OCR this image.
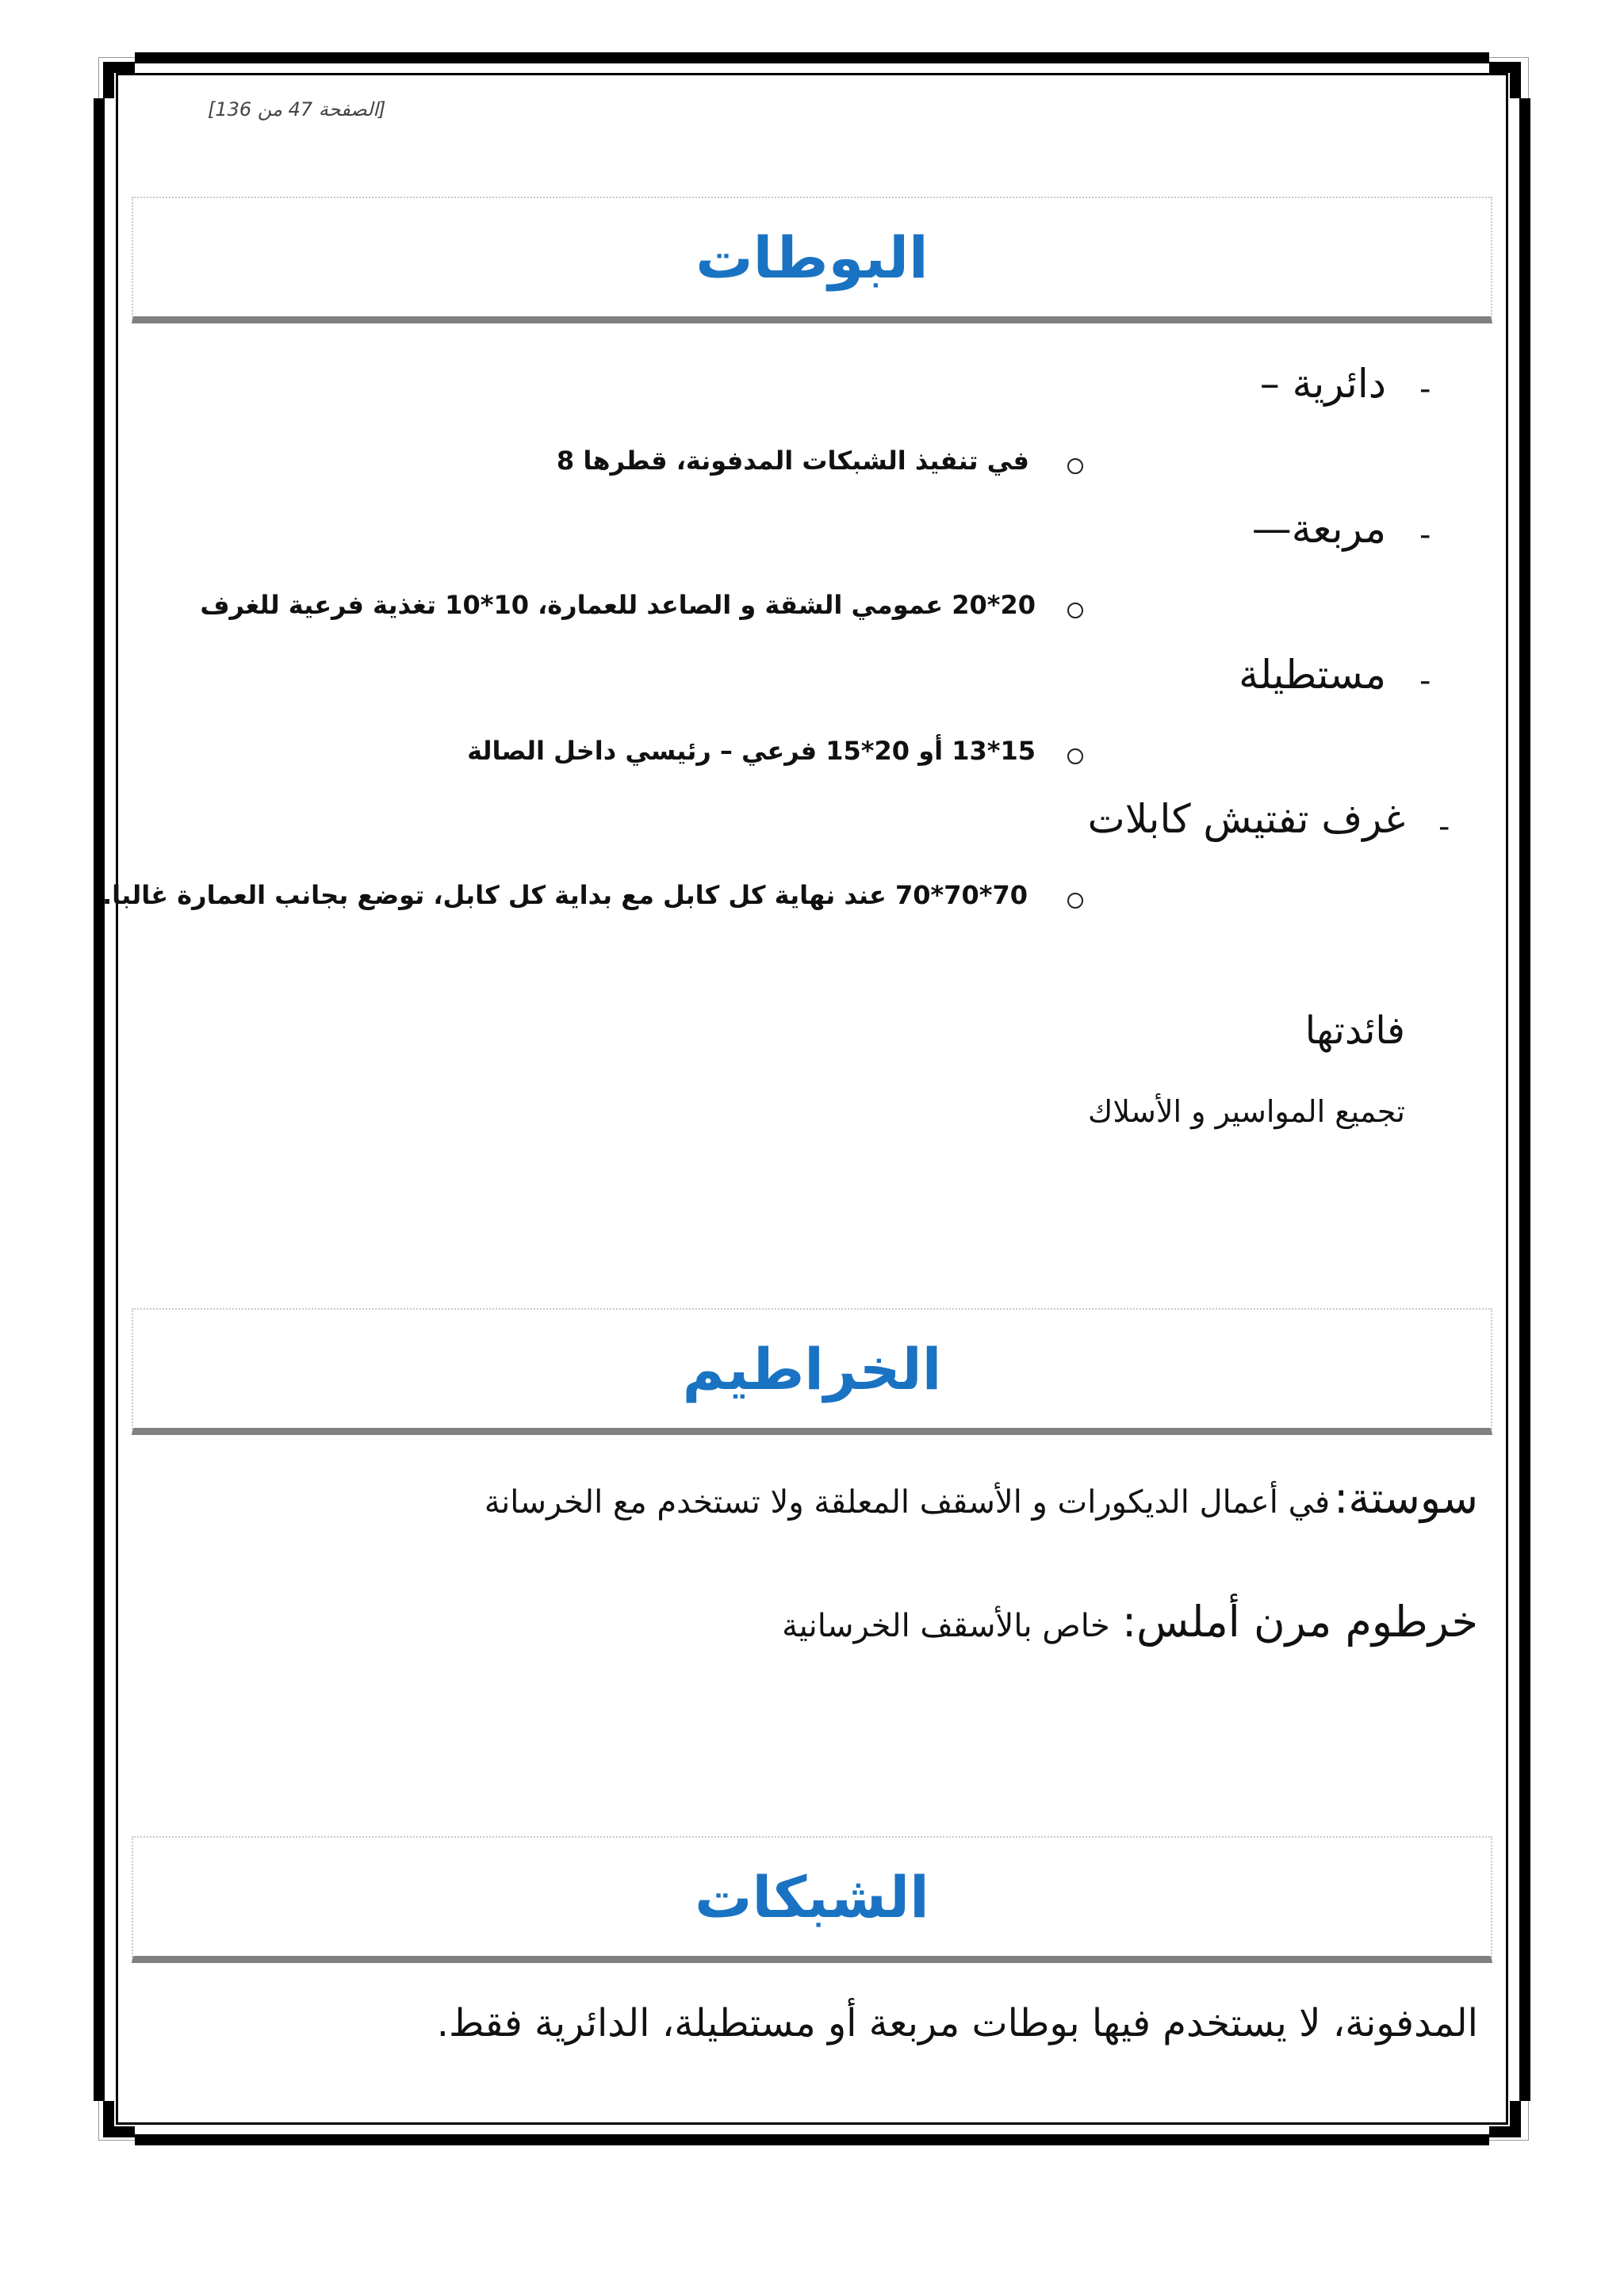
[الصفحة 47 من 136]
البوطات
دائرية – -
في تنفيذ الشبكات المدفونة، قطرها 8
مربعة— -
20*20 عمومي الشقة و الصاعد للعمارة، 10*10 تغذية فرعية للغرف
مستطيلة -
15*13 أو 20*15 فرعي – رئيسي داخل الصالة
غرف تفتيش كابلات -
70*70*70 عند نهاية كل كابل مع بداية كل كابل، توضع بجانب العمارة غالبا.
فائدتها
تجميع المواسير و الأسلاك
الخراطيم
سوستة: في أعمال الديكورات و الأسقف المعلقة ولا تستخدم مع الخرسانة
خرطوم مرن أملس:   خاص بالأسقف الخرسانية
الشبكات
المدفونة، لا يستخدم فيها بوطات مربعة أو مستطيلة، الدائرية فقط.
